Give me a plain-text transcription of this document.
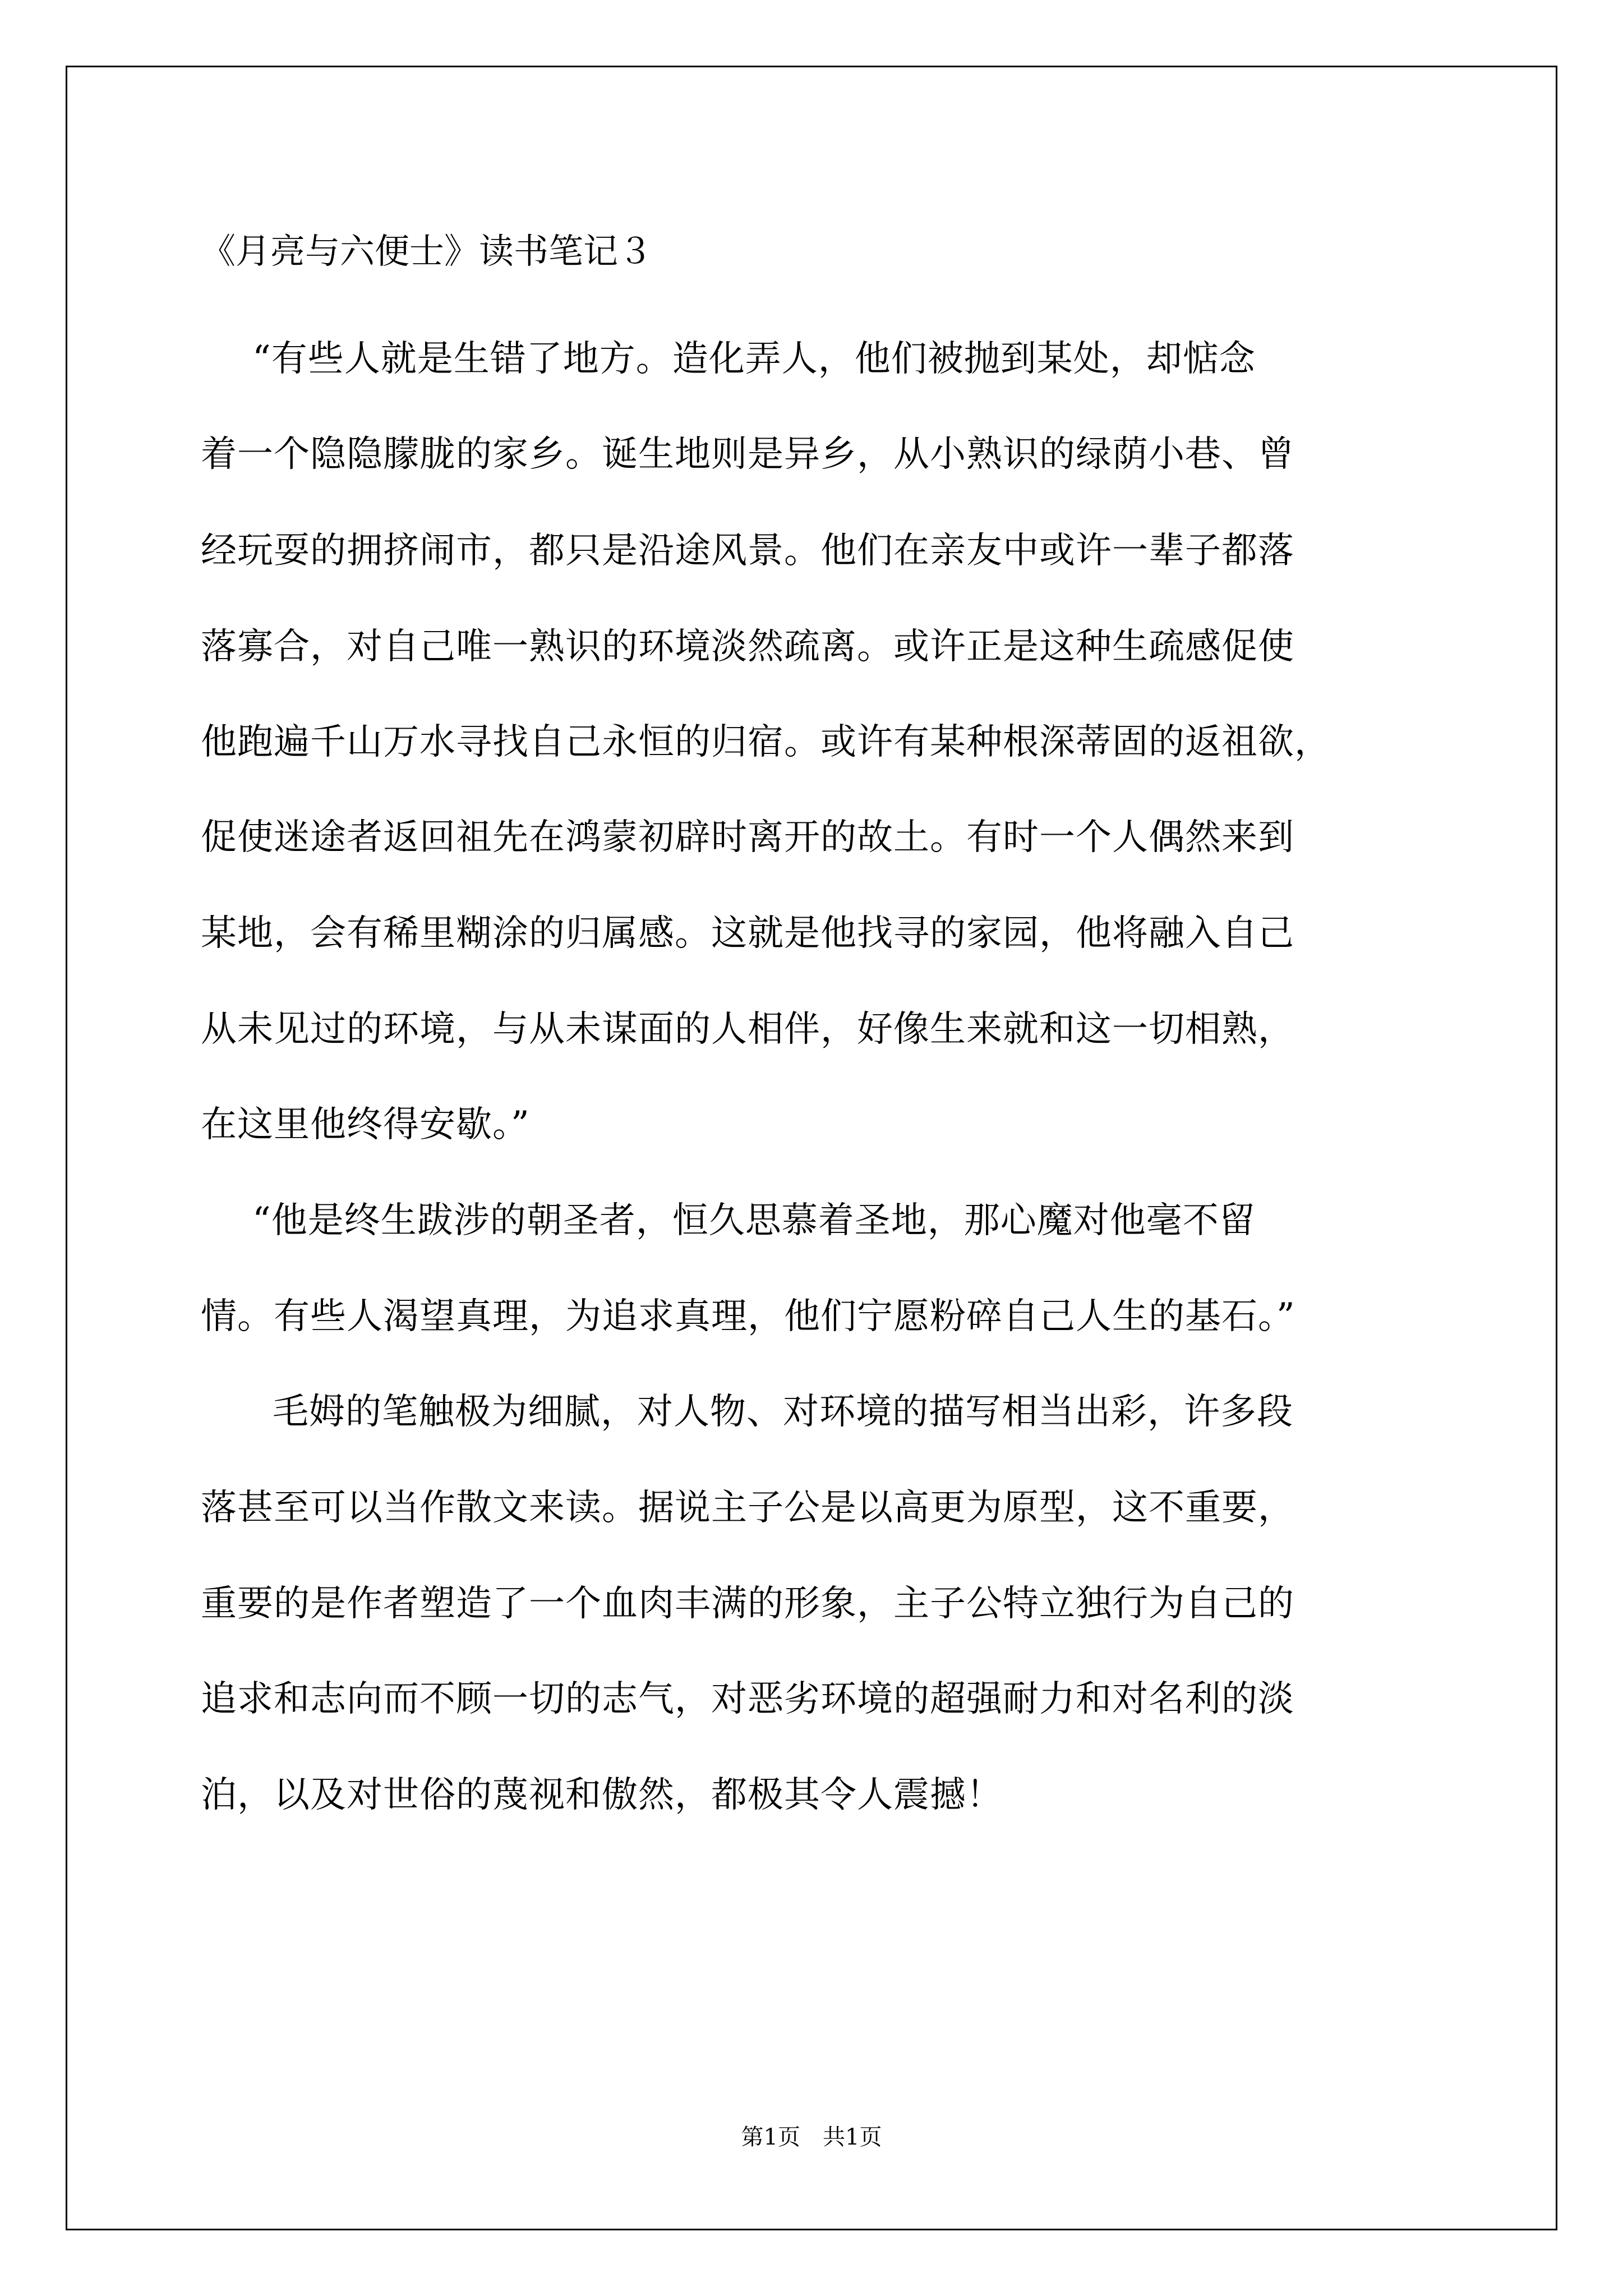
《月亮与六便士》读书笔记３

“有些人就是生错了地方。造化弄人，他们被抛到某处，却惦念

着一个隐隐朦胧的家乡。诞生地则是异乡，从小熟识的绿荫小巷、曾

经玩耍的拥挤闹市，都只是沿途风景。他们在亲友中或许一辈子都落

落寡合，对自己唯一熟识的环境淡然疏离。或许正是这种生疏感促使

他跑遍千山万水寻找自己永恒的归宿。或许有某种根深蒂固的返祖欲，

促使迷途者返回祖先在鸿蒙初辟时离开的故土。有时一个人偶然来到

某地，会有稀里糊涂的归属感。这就是他找寻的家园，他将融入自己

从未见过的环境，与从未谋面的人相伴，好像生来就和这一切相熟，

在这里他终得安歇。”

“他是终生跋涉的朝圣者，恒久思慕着圣地，那心魔对他毫不留

情。有些人渴望真理，为追求真理，他们宁愿粉碎自己人生的基石。”

毛姆的笔触极为细腻，对人物、对环境的描写相当出彩，许多段

落甚至可以当作散文来读。据说主子公是以高更为原型，这不重要，

重要的是作者塑造了一个血肉丰满的形象，主子公特立独行为自己的

追求和志向而不顾一切的志气，对恶劣环境的超强耐力和对名利的淡

泊，以及对世俗的蔑视和傲然，都极其令人震撼！

第1页　共1页
